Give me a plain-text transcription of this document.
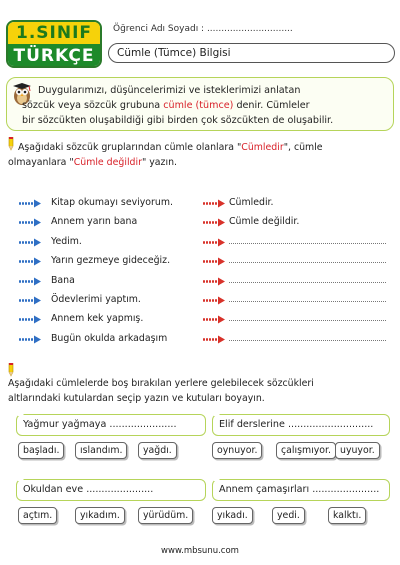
1.SINIF
TÜRKÇE
Öğrenci Adı Soyadı : ..............................
Cümle (Tümce) Bilgisi
Duygularımızı, düşüncelerimizi ve isteklerimizi anlatan
sözcük veya sözcük grubuna cümle (tümce) denir. Cümleler
bir sözcükten oluşabildiği gibi birden çok sözcükten de oluşabilir.
Aşağıdaki sözcük gruplarından cümle olanlara "Cümledir", cümle
olmayanlara "Cümle değildir" yazın.
Kitap okumayı seviyorum.	Cümledir.
Annem yarın bana	Cümle değildir.
Yedim.
Yarın gezmeye gideceğiz.
Bana
Ödevlerimi yaptım.
Annem kek yapmış.
Bugün okulda arkadaşım
Aşağıdaki cümlelerde boş bırakılan yerlere gelebilecek sözcükleri
altlarındaki kutulardan seçip yazın ve kutuları boyayın.
Yağmur yağmaya ......................	Elif derslerine ............................
başladı.	ıslandım.	yağdı.	oynuyor.	çalışmıyor. uyuyor.
Okuldan eve ......................	Annem çamaşırları ......................
açtım.	yıkadım.	yürüdüm.	yıkadı.	yedi.	kalktı.
www.mbsunu.com
